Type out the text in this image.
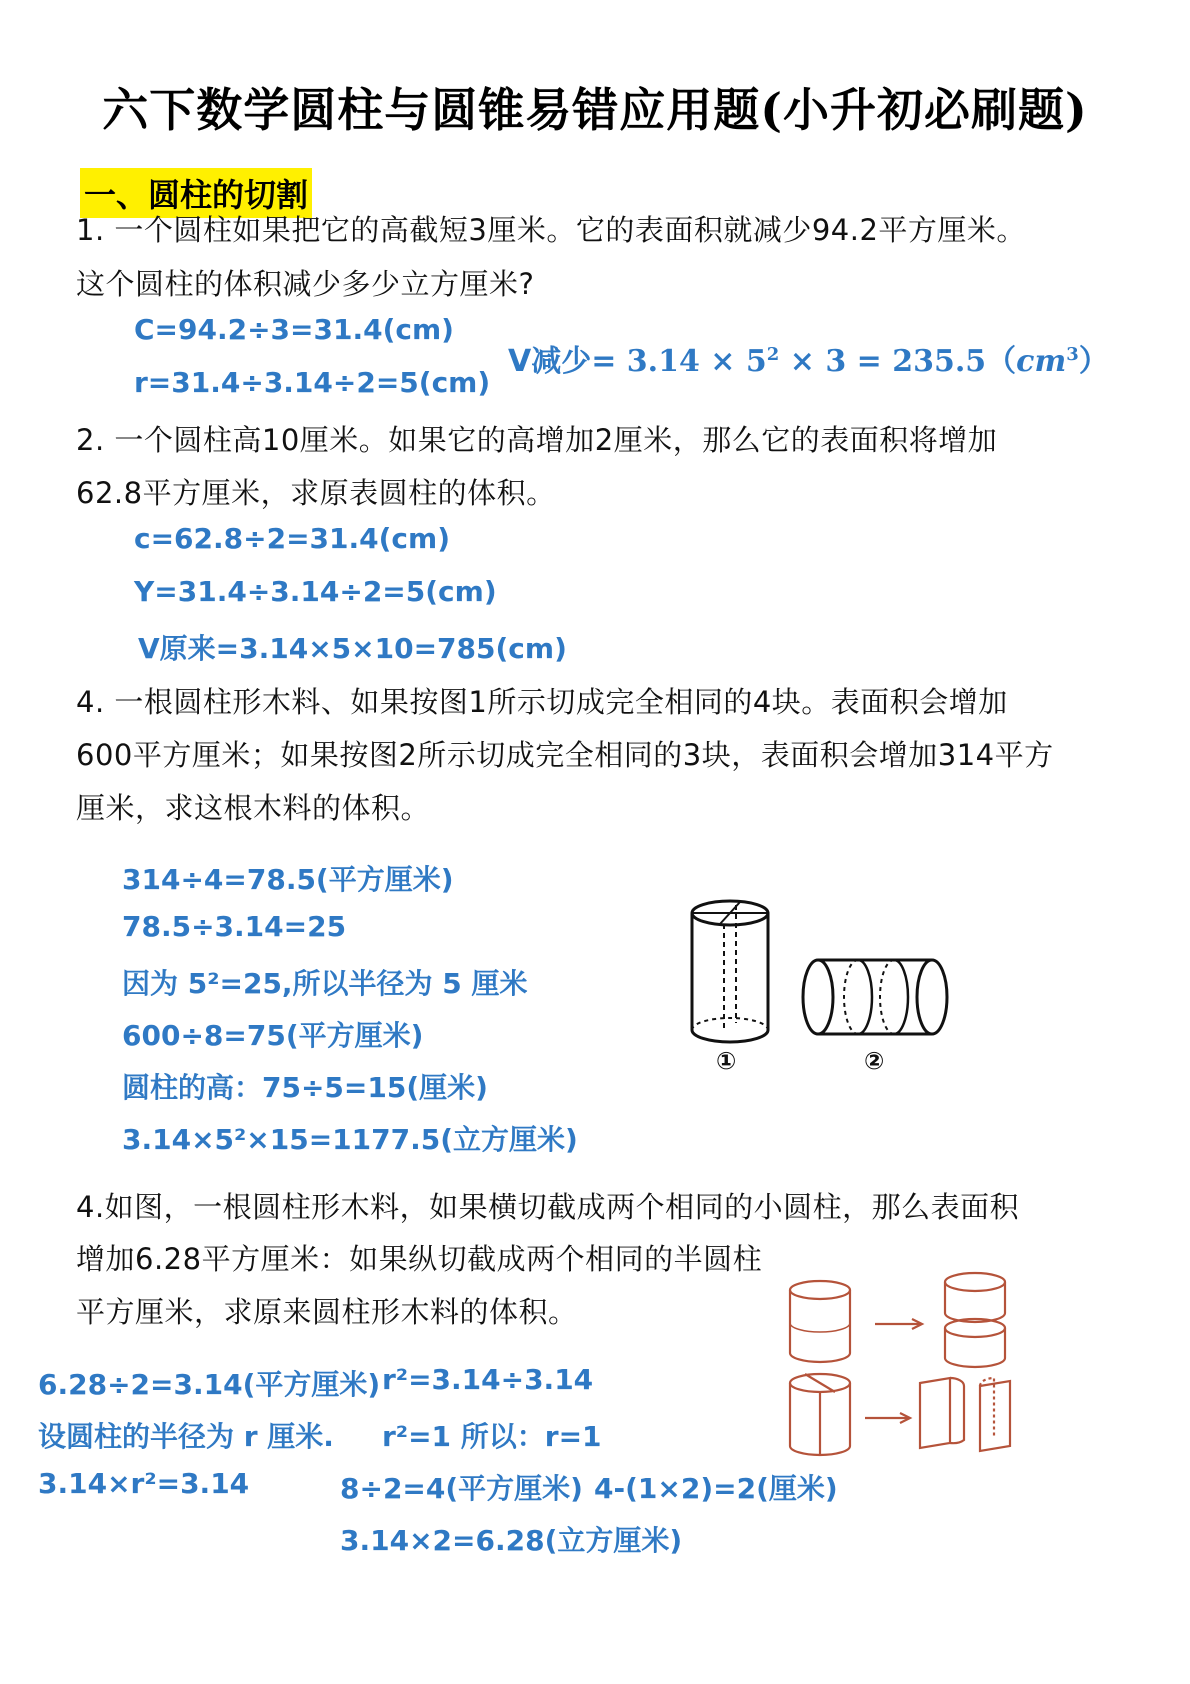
六下数学圆柱与圆锥易错应用题(小升初必刷题)
一、圆柱的切割
1. 一个圆柱如果把它的高截短3厘米。它的表面积就减少94.2平方厘米。
这个圆柱的体积减少多少立方厘米?
C=94.2÷3=31.4(cm)
r=31.4÷3.14÷2=5(cm)
V减少= $3.14 \times 5^2 \times 3 = 235.5(cm^3)$
2. 一个圆柱高10厘米。如果它的高增加2厘米，那么它的表面积将增加
62.8平方厘米，求原表圆柱的体积。
c=62.8÷2=31.4(cm)
Y=31.4÷3.14÷2=5(cm)
V原来=3.14×5×10=785(cm)
4. 一根圆柱形木料、如果按图1所示切成完全相同的4块。表面积会增加
600平方厘米；如果按图2所示切成完全相同的3块，表面积会增加314平方
厘米，求这根木料的体积。
314÷4=78.5(平方厘米)
78.5÷3.14=25
因为 5²=25,所以半径为 5 厘米
600÷8=75(平方厘米)
圆柱的高：75÷5=15(厘米)
3.14×5²×15=1177.5(立方厘米)
①	②
4.如图，一根圆柱形木料，如果横切截成两个相同的小圆柱，那么表面积
增加6.28平方厘米：如果纵切截成两个相同的半圆柱
平方厘米，求原来圆柱形木料的体积。
6.28÷2=3.14(平方厘米) r²=3.14÷3.14
设圆柱的半径为 r 厘米. r²=1 所以：r=1
3.14×r²=3.14	8÷2=4(平方厘米) 4-(1×2)=2(厘米)
3.14×2=6.28(立方厘米)
